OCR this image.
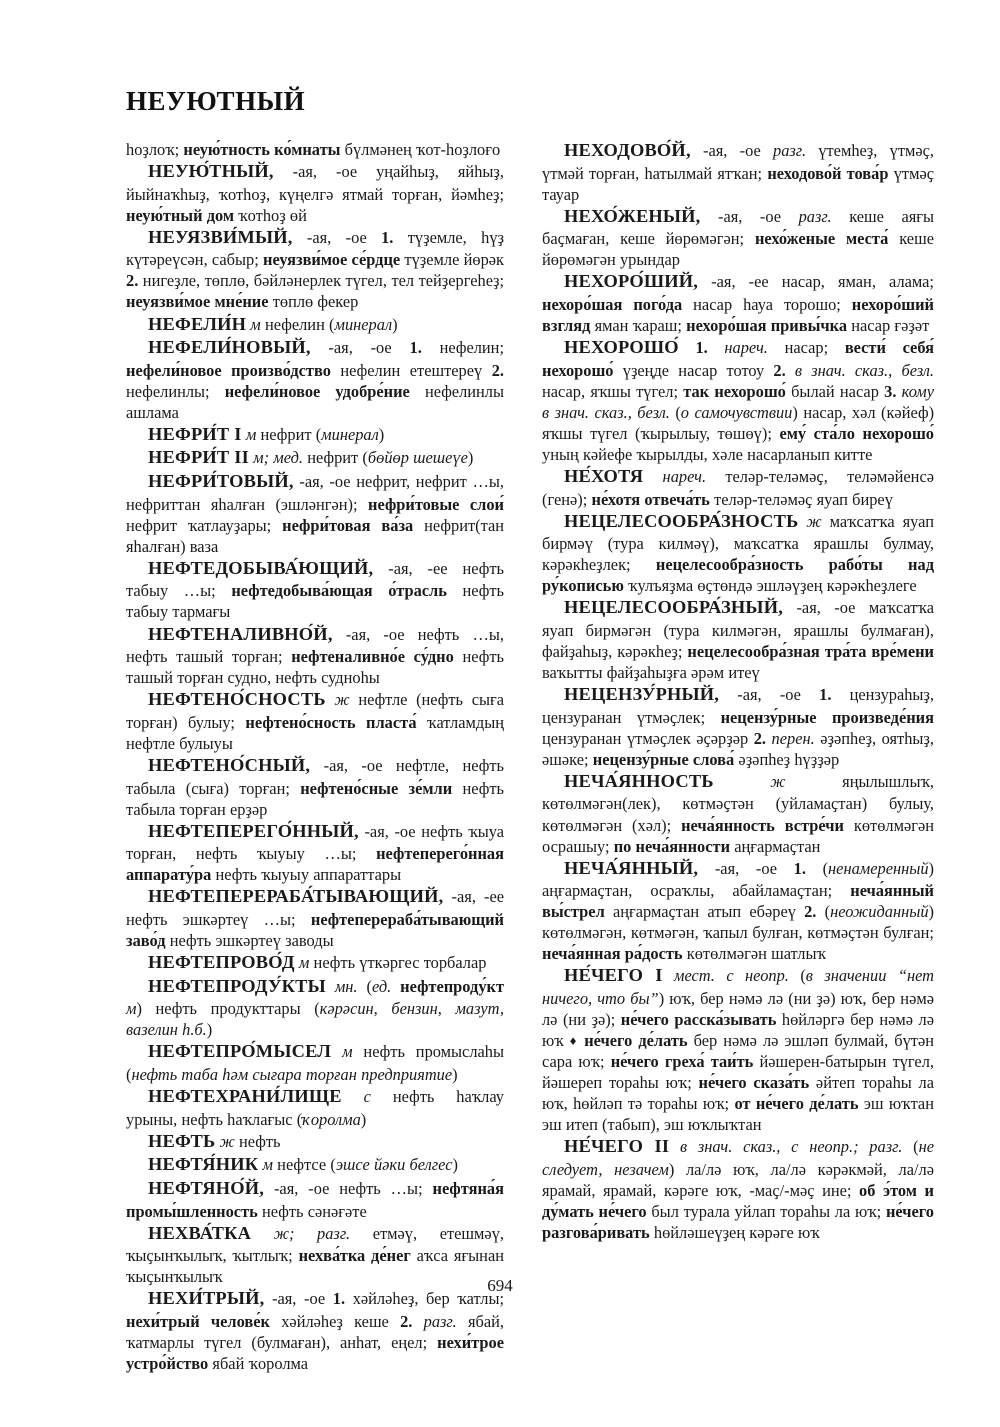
НЕУЮТНЫЙ

һоҙлоҡ; неую́тность ко́мнаты бүлмәнең ҡот-һоҙлоғо

НЕУЮ́ТНЫЙ, -ая, -ое уңайһыҙ, яйһыҙ, йыйнаҡһыҙ, ҡотһоҙ, күңелгә ятмай торған, йәмһеҙ; неую́тный дом ҡотһоҙ өй

НЕУЯЗВИ́МЫЙ, -ая, -ое 1. түҙемле, һүҙ күтәреүсән, сабыр; неуязви́мое се́рдце түҙемле йөрәк 2. нигеҙле, төплө, бәйләнерлек түгел, тел тейҙергеһеҙ; неуязви́мое мне́ние төплө фекер

НЕФЕЛИ́Н м нефелин (минерал)

НЕФЕЛИ́НОВЫЙ, -ая, -ое 1. нефелин; нефели́новое произво́дство нефелин етештереү 2. нефелинлы; нефели́новое удобре́ние нефелинлы ашлама

НЕФРИ́Т I м нефрит (минерал)

НЕФРИ́Т II м; мед. нефрит (бөйөр шешеүе)

НЕФРИ́ТОВЫЙ, -ая, -ое нефрит, нефрит …ы, нефриттан яһалған (эшләнгән); нефри́товые слои́ нефрит ҡатлауҙары; нефри́товая ва́за нефрит(тан яһалған) ваза

НЕФТЕДОБЫВА́ЮЩИЙ, -ая, -ее нефть табыу …ы; нефтедобыва́ющая о́трасль нефть табыу тармағы

НЕФТЕНАЛИВНО́Й, -ая, -ое нефть …ы, нефть ташый торған; нефтеналивно́е су́дно нефть ташый торған судно, нефть судноһы

НЕФТЕНО́СНОСТЬ ж нефтле (нефть сыға торған) булыу; нефтено́сность пласта́ ҡатламдың нефтле булыуы

НЕФТЕНО́СНЫЙ, -ая, -ое нефтле, нефть табыла (сыға) торған; нефтено́сные зе́мли нефть табыла торған ерҙәр

НЕФТЕПЕРЕГО́ННЫЙ, -ая, -ое нефть ҡыуа торған, нефть ҡыуыу …ы; нефтеперего́нная аппарату́ра нефть ҡыуыу аппараттары

НЕФТЕПЕРЕРАБА́ТЫВАЮЩИЙ, -ая, -ее нефть эшкәртеү …ы; нефтеперераба́тывающий заво́д нефть эшкәртеү заводы

НЕФТЕПРОВО́Д м нефть үткәргес торбалар

НЕФТЕПРОДУ́КТЫ мн. (ед. нефтепроду́кт м) нефть продукттары (кәрәсин, бензин, мазут, вазелин һ.б.)

НЕФТЕПРО́МЫСЕЛ м нефть промыслаһы (нефть таба һәм сығара торған предприятие)

НЕФТЕХРАНИ́ЛИЩЕ с нефть һаҡлау урыны, нефть һаҡлағыс (ҡоролма)

НЕФТЬ ж нефть

НЕФТЯ́НИК м нефтсе (эшсе йәки белгес)

НЕФТЯНО́Й, -ая, -ое нефть …ы; нефтяна́я промы́шленность нефть сәнәғәте

НЕХВА́ТКА ж; разг. етмәү, етешмәү, ҡыҫынҡылыҡ, ҡытлыҡ; нехва́тка де́нег аҡса яғынан ҡыҫынҡылыҡ

НЕХИ́ТРЫЙ, -ая, -ое 1. хәйләһеҙ, бер ҡатлы; нехи́трый челове́к хәйләһеҙ кеше 2. разг. ябай, ҡатмарлы түгел (булмаған), анһат, еңел; нехи́трое устро́йство ябай ҡоролма

НЕХОДОВО́Й, -ая, -ое разг. үтемһеҙ, үтмәҫ, үтмәй торған, һатылмай ятҡан; неходово́й това́р үтмәҫ тауар

НЕХО́ЖЕНЫЙ, -ая, -ое разг. кеше аяғы баҫмаған, кеше йөрөмәгән; нехо́женые места́ кеше йөрөмәгән урындар

НЕХОРО́ШИЙ, -ая, -ее насар, яман, алама; нехоро́шая пого́да насар һауа торошо; нехоро́ший взгляд яман ҡараш; нехоро́шая привы́чка насар ғәҙәт

НЕХОРОШО́ 1. нареч. насар; вести́ себя́ нехорошо́ үҙеңде насар тотоу 2. в знач. сказ., безл. насар, яҡшы түгел; так нехорошо́ былай насар 3. кому в знач. сказ., безл. (о самочувствии) насар, хәл (кәйеф) яҡшы түгел (ҡырылыу, төшөү); ему́ ста́ло нехорошо́ уның кәйефе ҡырылды, хәле насарланып китте

НЕ́ХОТЯ нареч. теләр-теләмәҫ, теләмәйенсә (генә); не́хотя отвеча́ть теләр-теләмәҫ яуап биреү

НЕЦЕЛЕСООБРА́ЗНОСТЬ ж маҡсатҡа яуап бирмәү (тура килмәү), маҡсатҡа ярашлы булмау, кәрәкһеҙлек; нецелесообра́зность рабо́ты над ру́кописью ҡулъяҙма өҫтөндә эшләүҙең кәрәкһеҙлеге

НЕЦЕЛЕСООБРА́ЗНЫЙ, -ая, -ое маҡсатҡа яуап бирмәгән (тура килмәгән, ярашлы булмаған), файҙаһыҙ, кәрәкһеҙ; нецелесообра́зная тра́та вре́мени ваҡытты файҙаһыҙға әрәм итеү

НЕЦЕНЗУ́РНЫЙ, -ая, -ое 1. цензураһыҙ, цензуранан үтмәҫлек; нецензу́рные произведе́ния цензуранан үтмәҫлек әҫәрҙәр 2. перен. әҙәпһеҙ, оятһыҙ, әшәке; нецензу́рные слова́ әҙәпһеҙ һүҙҙәр

НЕЧА́ЯННОСТЬ ж яңылышлыҡ, көтөлмәгән(лек), көтмәҫтән (уйламаҫтан) булыу, көтөлмәгән (хәл); неча́янность встре́чи көтөлмәгән осрашыу; по неча́янности аңғармаҫтан

НЕЧА́ЯННЫЙ, -ая, -ое 1. (ненамеренный) аңғармаҫтан, осраҡлы, абайламаҫтан; неча́янный вы́стрел аңғармаҫтан атып ебәреү 2. (неожиданный) көтөлмәгән, көтмәгән, ҡапыл булған, көтмәҫтән булған; неча́янная ра́дость көтөлмәгән шатлыҡ

НЕ́ЧЕГО I мест. с неопр. (в значении “нет ничего, что бы”) юҡ, бер нәмә лә (ни ҙә) юҡ, бер нәмә лә (ни ҙә); не́чего расска́зывать һөйләргә бер нәмә лә юҡ ♦ не́чего де́лать бер нәмә лә эшләп булмай, бүтән сара юҡ; не́чего греха́ таи́ть йәшерен-батырын түгел, йәшереп тораһы юҡ; не́чего сказа́ть әйтеп тораһы ла юҡ, һөйләп тә тораһы юҡ; от не́чего де́лать эш юҡтан эш итеп (табып), эш юҡлыҡтан

НЕ́ЧЕГО II в знач. сказ., с неопр.; разг. (не следует, незачем) ла/лә юҡ, ла/лә кәрәкмәй, ла/лә ярамай, ярамай, кәрәге юҡ, -маҫ/-мәҫ ине; об э́том и ду́мать не́чего был турала уйлап тораһы ла юҡ; не́чего разгова́ривать һөйләшеүҙең кәрәге юҡ

694
